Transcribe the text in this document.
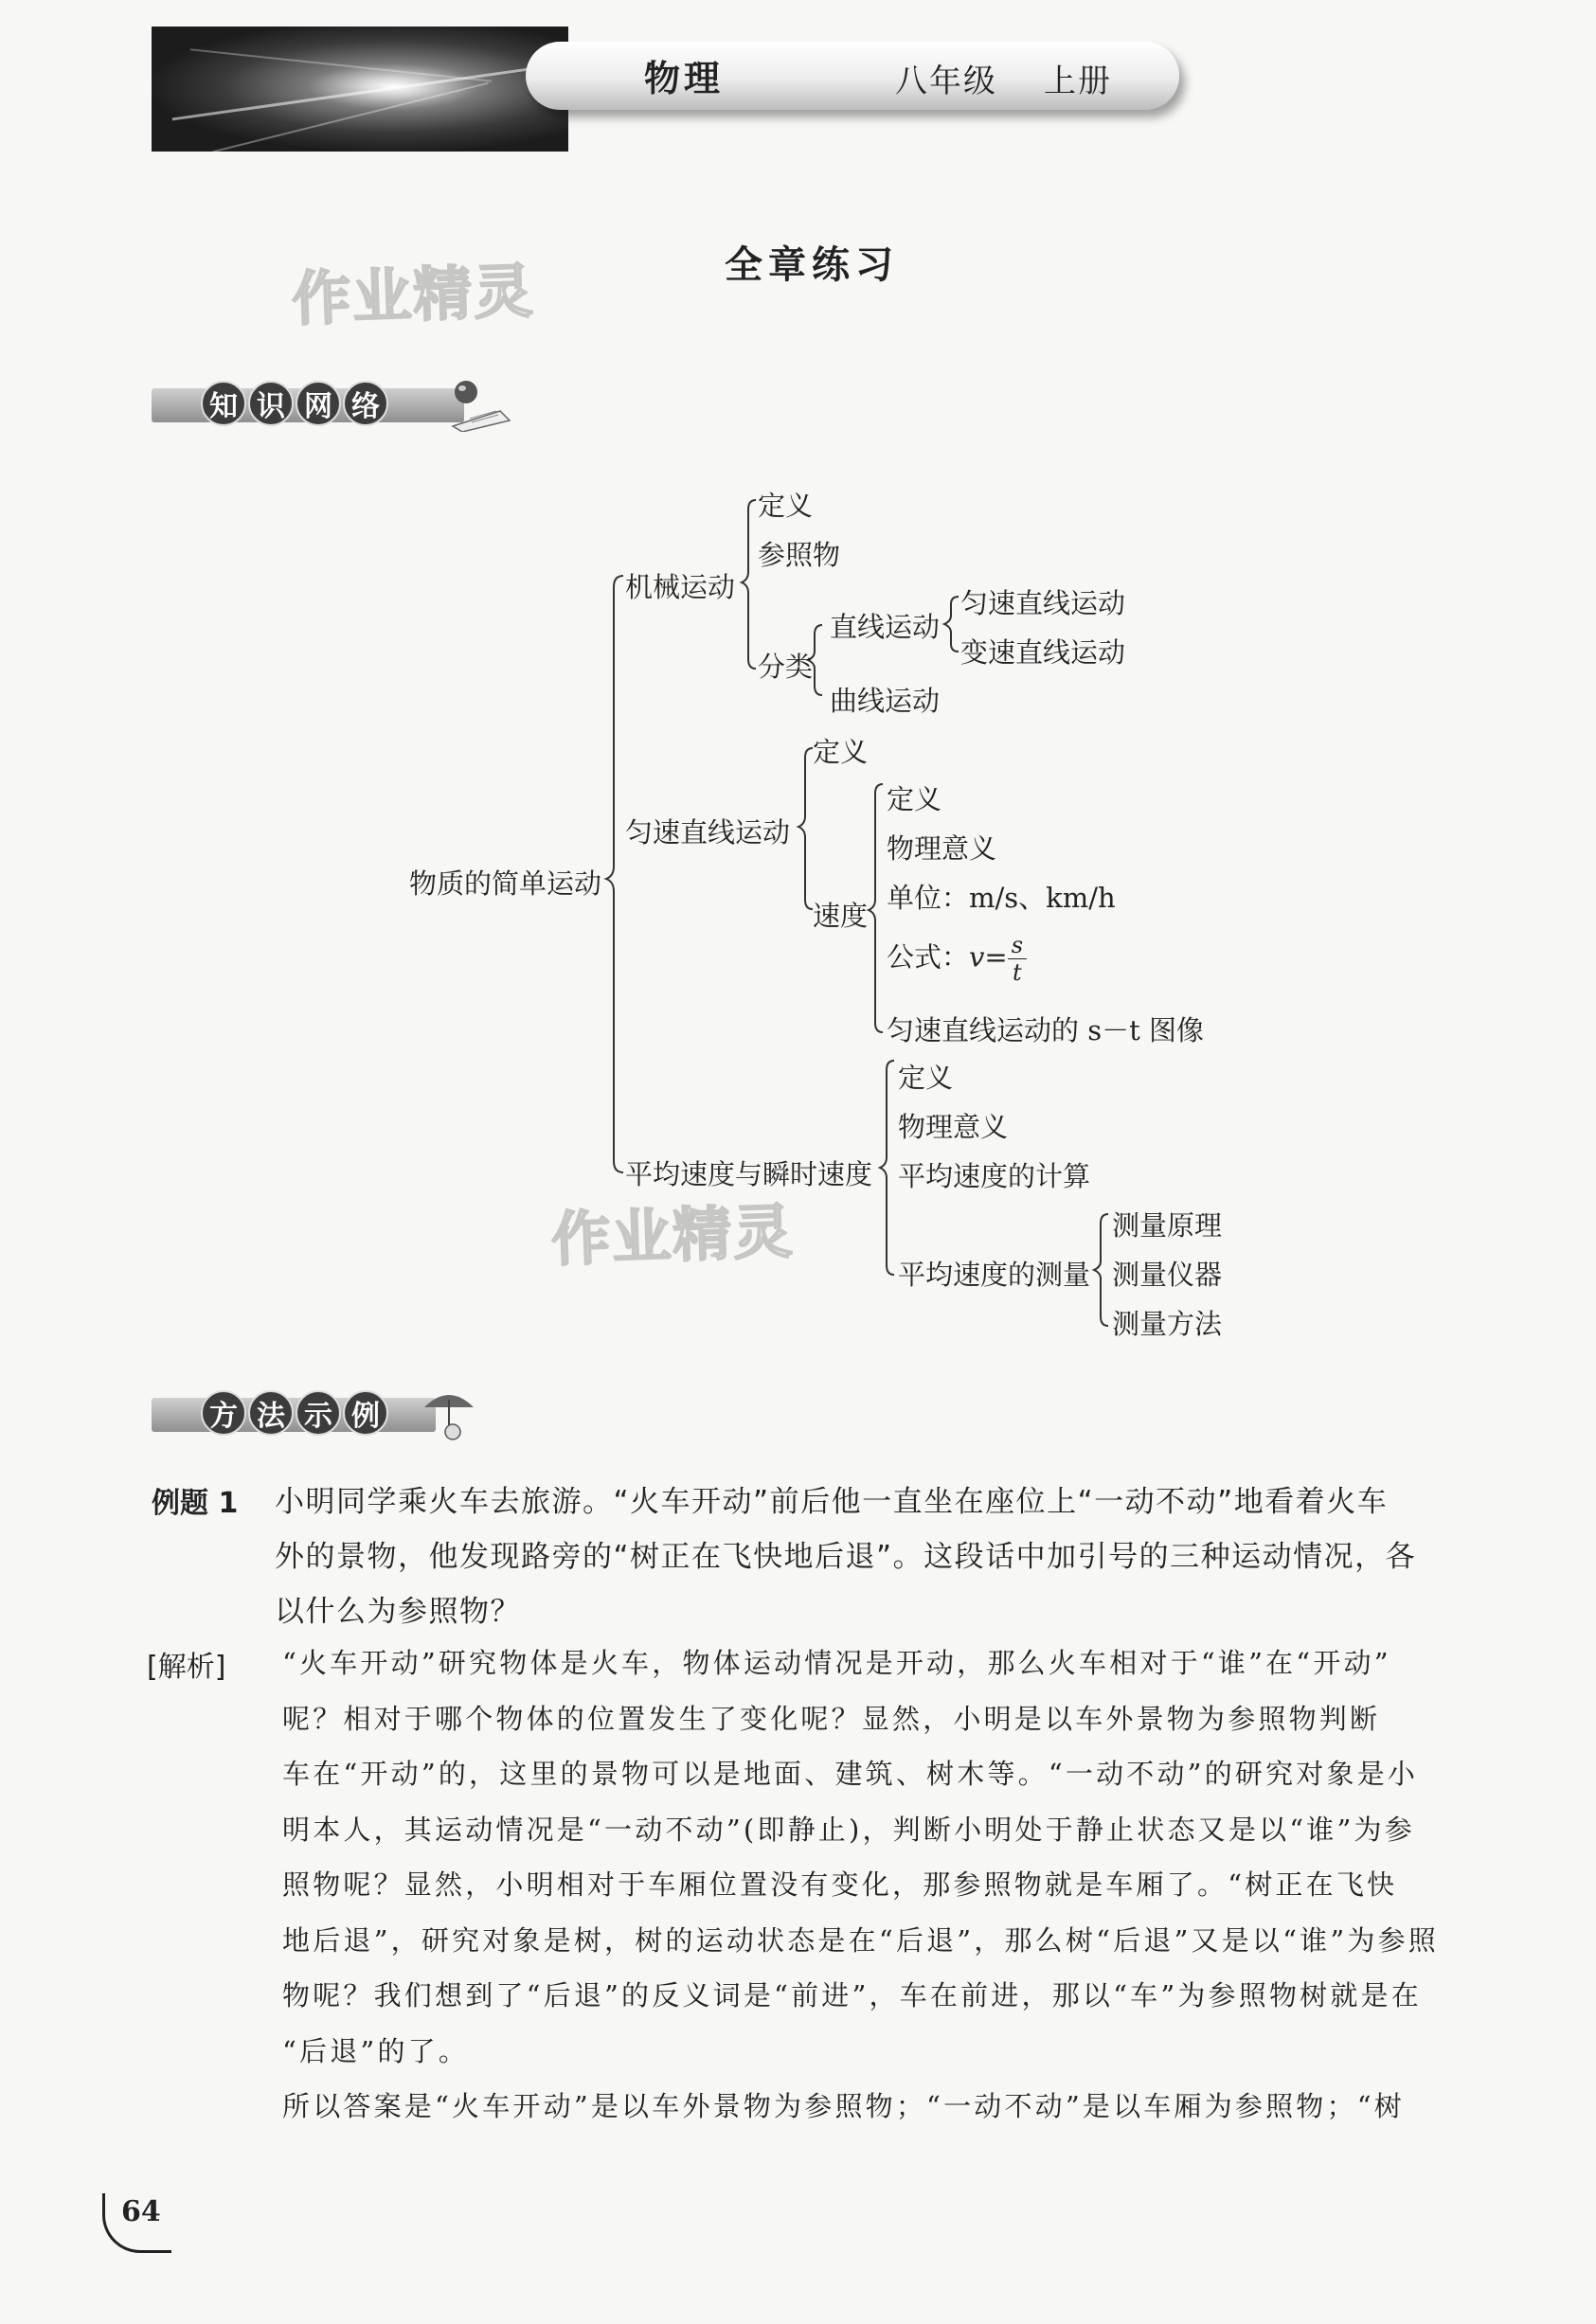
物理	八年级 上册
作业精灵
作业精灵
全章练习
知 识 网 络
物质的简单运动
机械运动
定义
参照物
分类
直线运动
匀速直线运动
变速直线运动
曲线运动
匀速直线运动
定义
速度
定义
物理意义
单位：m/s、km/h
公式：$v= \frac{s}{t}$
匀速直线运动的 s－t 图像
平均速度与瞬时速度
定义
物理意义
平均速度的计算
平均速度的测量
测量原理
测量仪器
测量方法
方 法 示 例
例题 1 小明同学乘火车去旅游。“火车开动”前后他一直坐在座位上“一动不动”地看着火车
外的景物，他发现路旁的“树正在飞快地后退”。这段话中加引号的三种运动情况，各
以什么为参照物？
[解析] “火车开动”研究物体是火车，物体运动情况是开动，那么火车相对于“谁”在“开动”
呢？相对于哪个物体的位置发生了变化呢？显然，小明是以车外景物为参照物判断
车在“开动”的，这里的景物可以是地面、建筑、树木等。“一动不动”的研究对象是小
明本人，其运动情况是“一动不动”(即静止)，判断小明处于静止状态又是以“谁”为参
照物呢？显然，小明相对于车厢位置没有变化，那参照物就是车厢了。“树正在飞快
地后退”，研究对象是树，树的运动状态是在“后退”，那么树“后退”又是以“谁”为参照
物呢？我们想到了“后退”的反义词是“前进”，车在前进，那以“车”为参照物树就是在
“后退”的了。
所以答案是“火车开动”是以车外景物为参照物；“一动不动”是以车厢为参照物；“树
64
